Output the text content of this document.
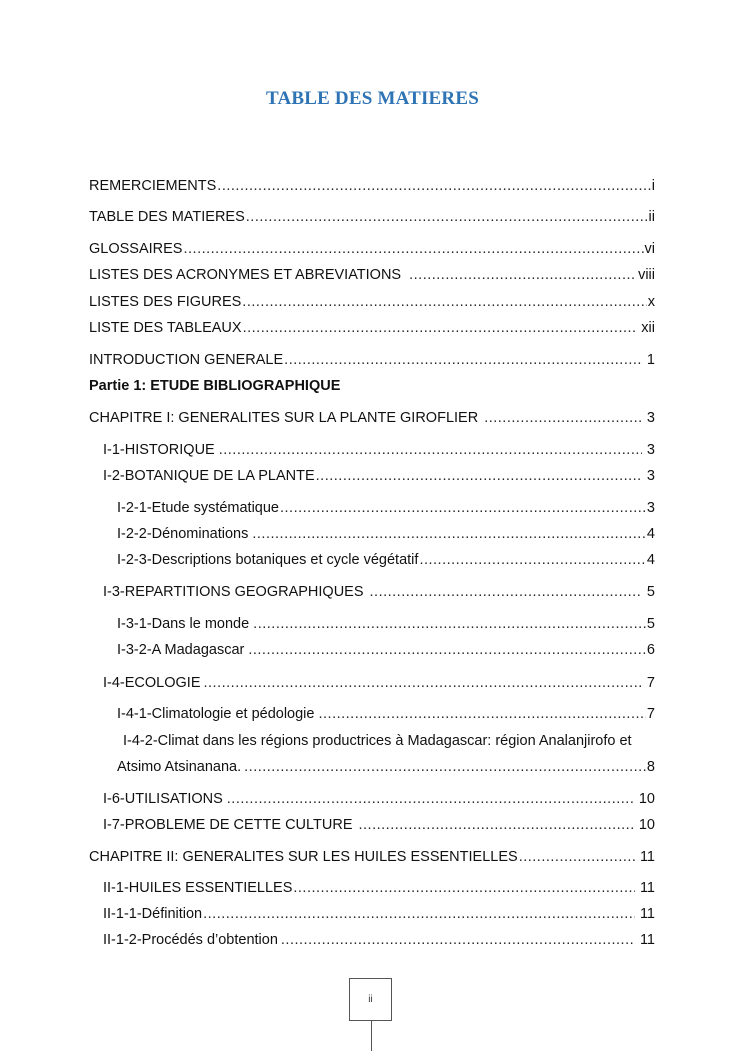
TABLE DES MATIERES
REMERCIEMENTS .....	i
TABLE DES MATIERES .....	ii
GLOSSAIRES .....	vi
LISTES DES ACRONYMES ET ABREVIATIONS .....	viii
LISTES DES FIGURES .....	x
LISTE DES TABLEAUX .....	xii
INTRODUCTION GENERALE .....	1
Partie 1: ETUDE BIBLIOGRAPHIQUE
CHAPITRE I: GENERALITES SUR LA PLANTE GIROFLIER .....	3
I-1-HISTORIQUE .....	3
I-2-BOTANIQUE DE LA PLANTE .....	3
I-2-1-Etude systématique .....	3
I-2-2-Dénominations .....	4
I-2-3-Descriptions botaniques et cycle végétatif .....	4
I-3-REPARTITIONS GEOGRAPHIQUES .....	5
I-3-1-Dans le monde .....	5
I-3-2-A Madagascar .....	6
I-4-ECOLOGIE .....	7
I-4-1-Climatologie et pédologie .....	7
I-4-2-Climat dans les régions productrices à Madagascar: région Analanjirofo et
Atsimo Atsinanana. .....	8
I-6-UTILISATIONS .....	10
I-7-PROBLEME DE CETTE CULTURE .....	10
CHAPITRE II: GENERALITES SUR LES HUILES ESSENTIELLES .....	11
II-1-HUILES ESSENTIELLES .....	11
II-1-1-Définition .....	11
II-1-2-Procédés d’obtention .....	11
ii
